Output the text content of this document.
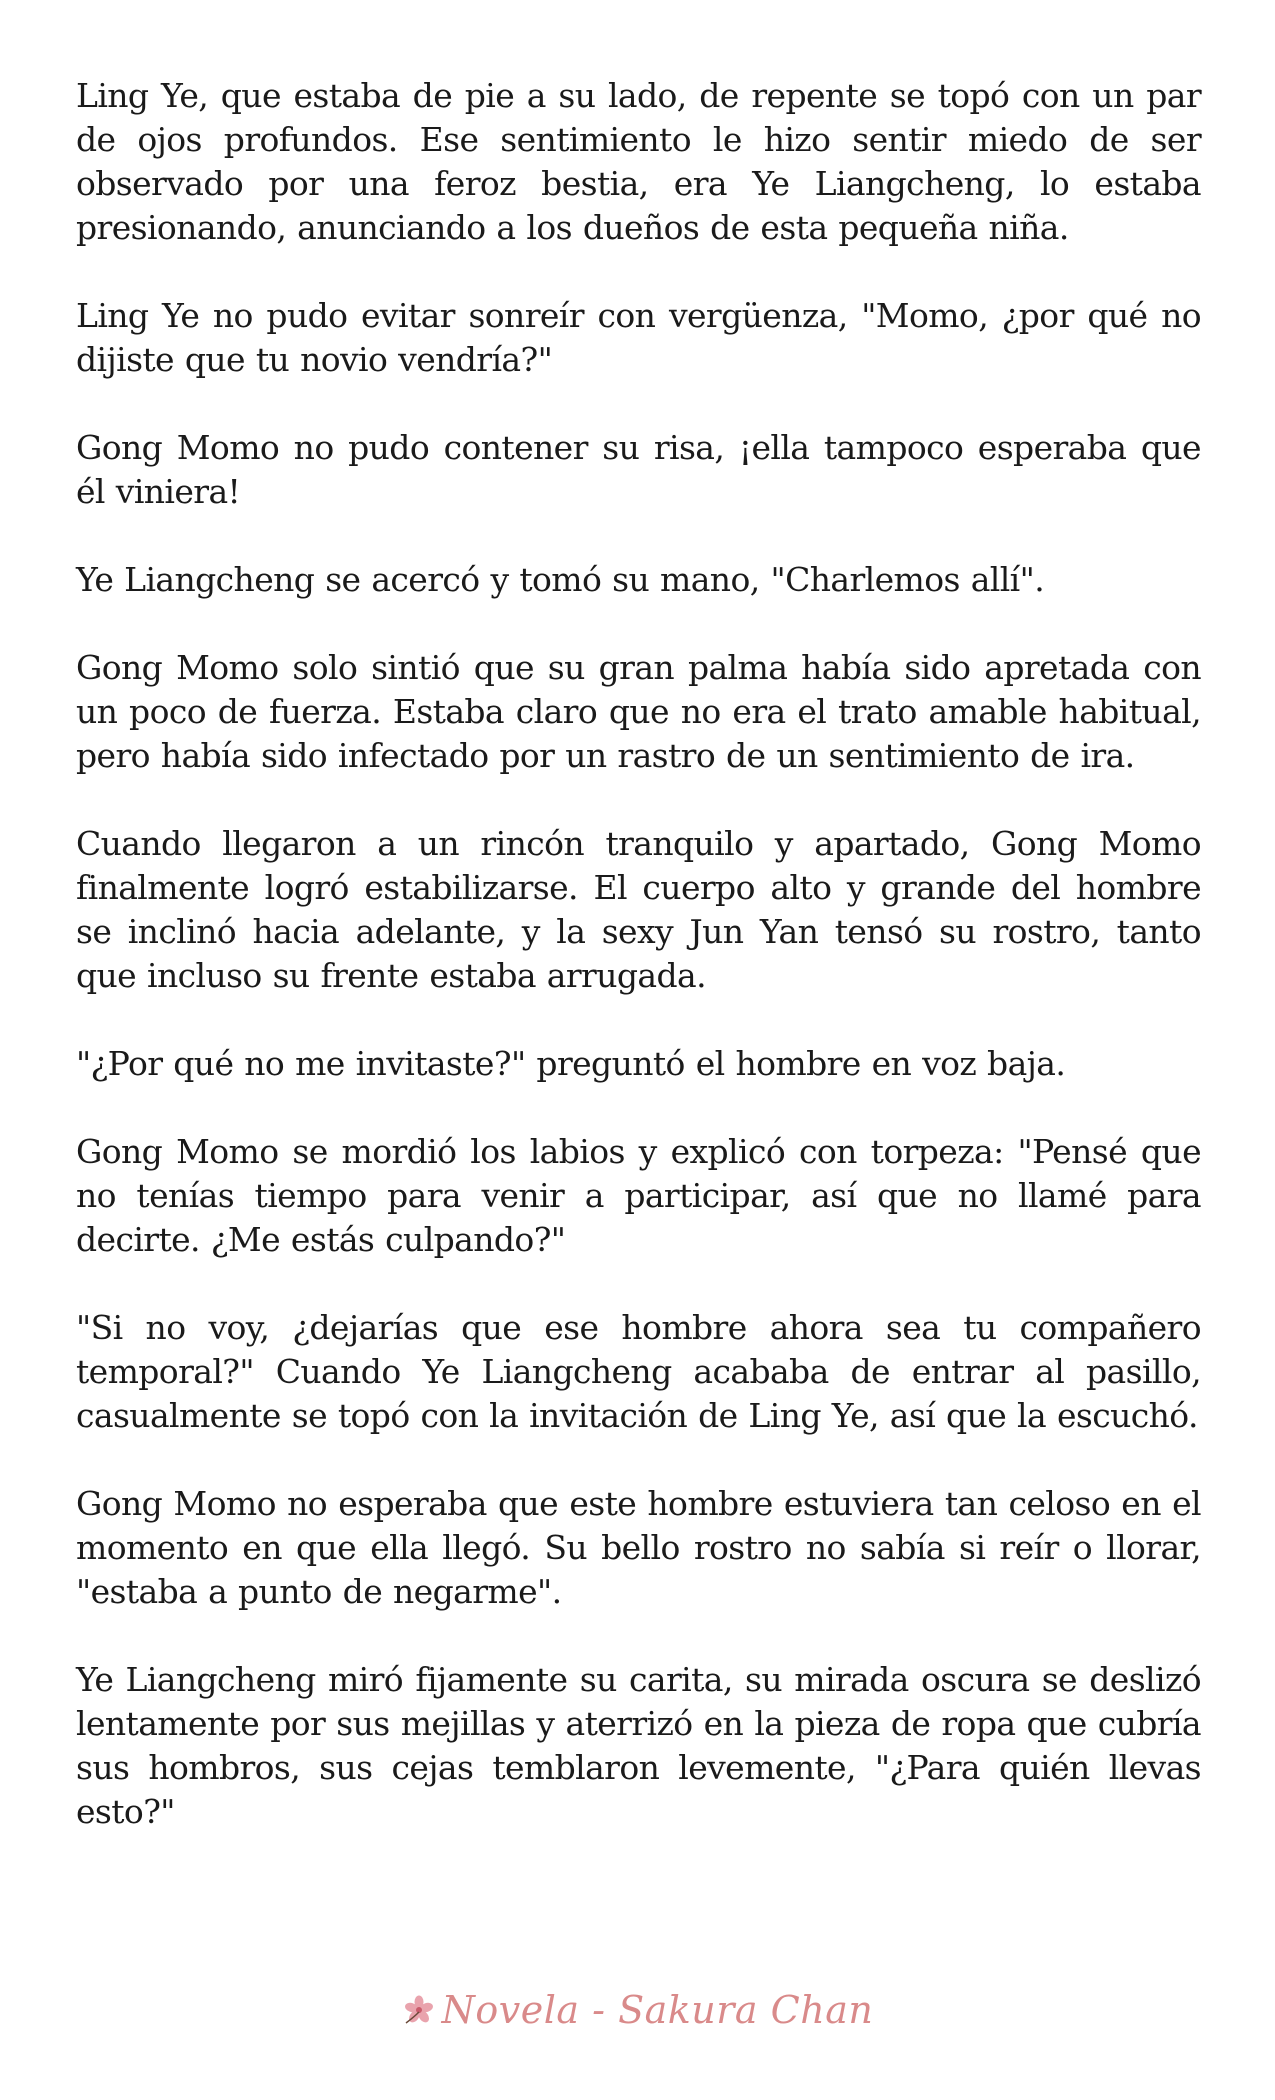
Ling Ye, que estaba de pie a su lado, de repente se topó con un par de ojos profundos. Ese sentimiento le hizo sentir miedo de ser observado por una feroz bestia, era Ye Liangcheng, lo estaba presionando, anunciando a los dueños de esta pequeña niña.

Ling Ye no pudo evitar sonreír con vergüenza, "Momo, ¿por qué no dijiste que tu novio vendría?"

Gong Momo no pudo contener su risa, ¡ella tampoco esperaba que él viniera!

Ye Liangcheng se acercó y tomó su mano, "Charlemos allí".

Gong Momo solo sintió que su gran palma había sido apretada con un poco de fuerza. Estaba claro que no era el trato amable habitual, pero había sido infectado por un rastro de un sentimiento de ira.

Cuando llegaron a un rincón tranquilo y apartado, Gong Momo finalmente logró estabilizarse. El cuerpo alto y grande del hombre se inclinó hacia adelante, y la sexy Jun Yan tensó su rostro, tanto que incluso su frente estaba arrugada.

"¿Por qué no me invitaste?" preguntó el hombre en voz baja.

Gong Momo se mordió los labios y explicó con torpeza: "Pensé que no tenías tiempo para venir a participar, así que no llamé para decirte. ¿Me estás culpando?"

"Si no voy, ¿dejarías que ese hombre ahora sea tu compañero temporal?" Cuando Ye Liangcheng acababa de entrar al pasillo, casualmente se topó con la invitación de Ling Ye, así que la escuchó.

Gong Momo no esperaba que este hombre estuviera tan celoso en el momento en que ella llegó. Su bello rostro no sabía si reír o llorar, "estaba a punto de negarme".

Ye Liangcheng miró fijamente su carita, su mirada oscura se deslizó lentamente por sus mejillas y aterrizó en la pieza de ropa que cubría sus hombros, sus cejas temblaron levemente, "¿Para quién llevas esto?"

Novela - Sakura Chan
